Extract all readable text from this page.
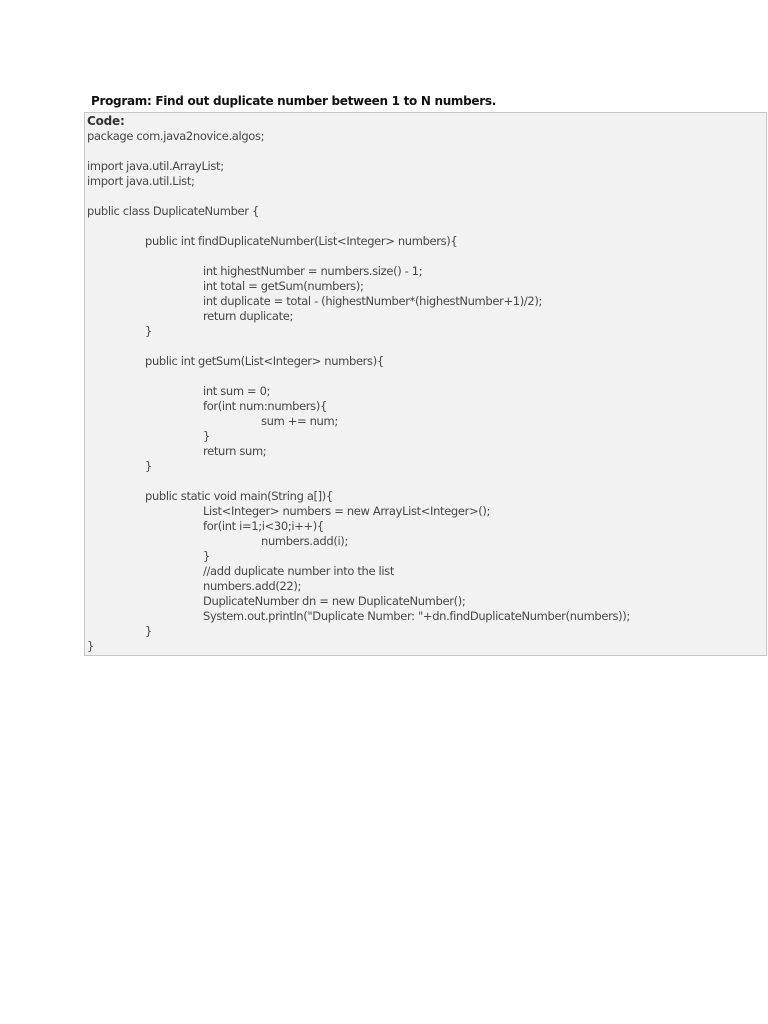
Program: Find out duplicate number between 1 to N numbers.
Code:
package com.java2novice.algos;
import java.util.ArrayList;
import java.util.List;
public class DuplicateNumber {
public int findDuplicateNumber(List<Integer> numbers){
int highestNumber = numbers.size() - 1;
int total = getSum(numbers);
int duplicate = total - (highestNumber*(highestNumber+1)/2);
return duplicate;
}
public int getSum(List<Integer> numbers){
int sum = 0;
for(int num:numbers){
sum += num;
}
return sum;
}
public static void main(String a[]){
List<Integer> numbers = new ArrayList<Integer>();
for(int i=1;i<30;i++){
numbers.add(i);
}
//add duplicate number into the list
numbers.add(22);
DuplicateNumber dn = new DuplicateNumber();
System.out.println("Duplicate Number: "+dn.findDuplicateNumber(numbers));
}
}
